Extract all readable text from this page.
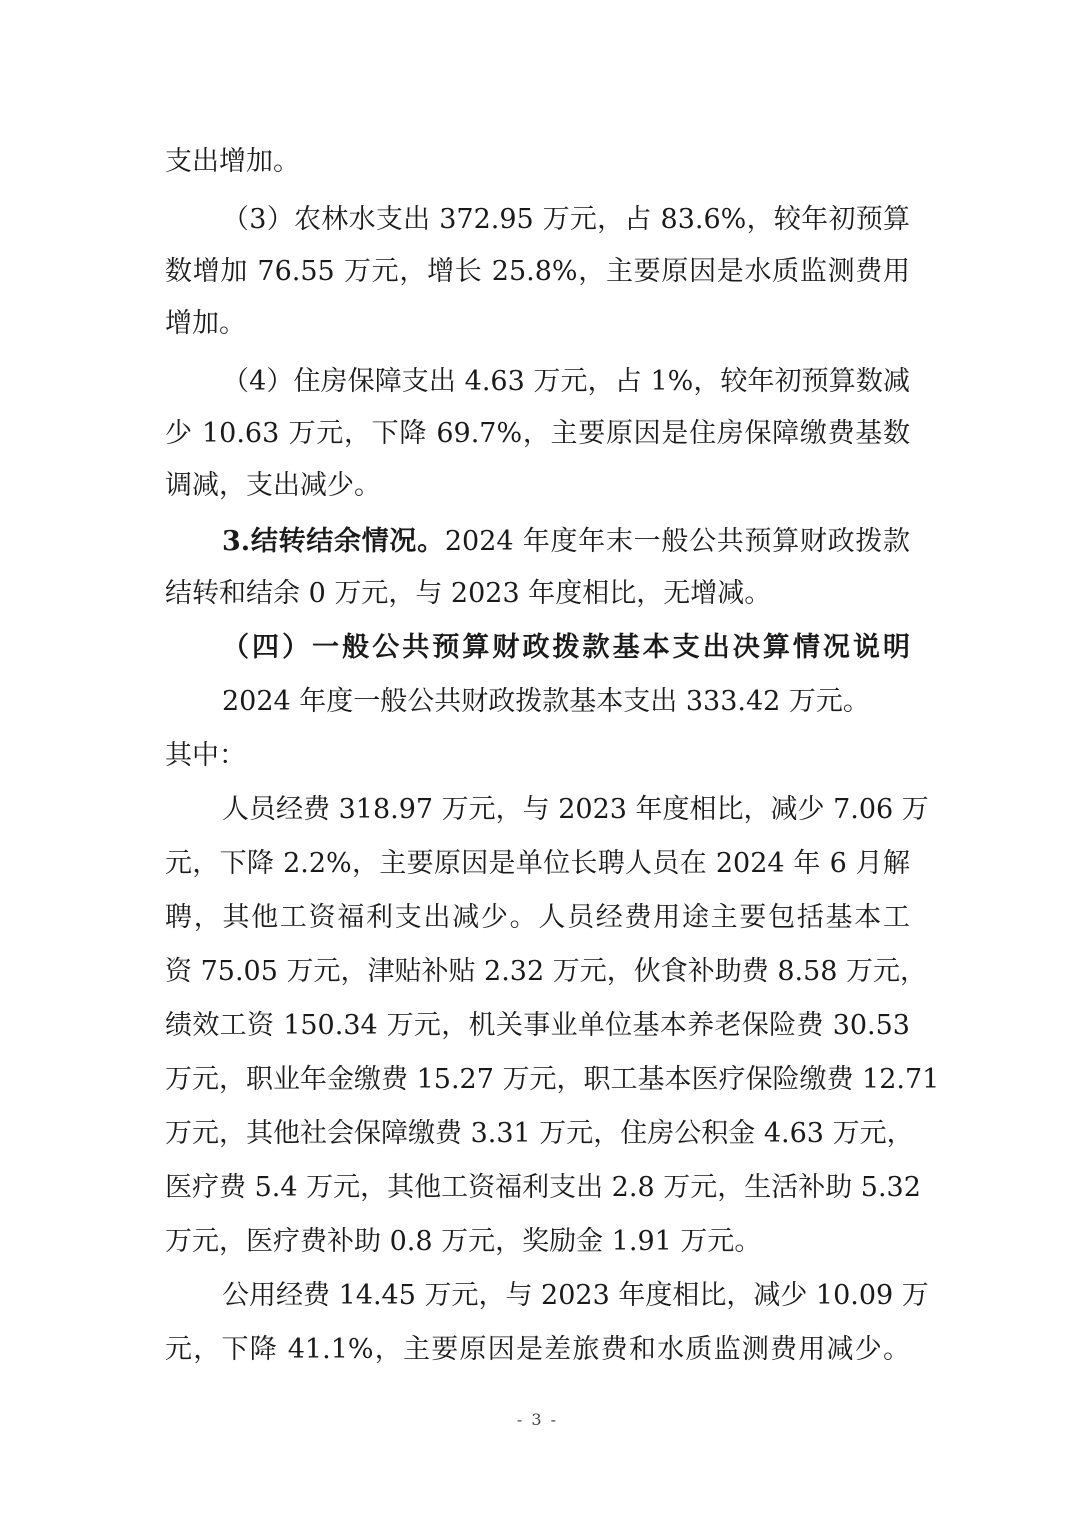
支出增加。
（3）农林水支出 372.95 万元，占 83.6%，较年初预算
数增加 76.55 万元，增长 25.8%，主要原因是水质监测费用
增加。
（4）住房保障支出 4.63 万元，占 1%，较年初预算数减
少 10.63 万元，下降 69.7%，主要原因是住房保障缴费基数
调减，支出减少。
3.结转结余情况。2024 年度年末一般公共预算财政拨款
结转和结余 0 万元，与 2023 年度相比，无增减。
（四）一般公共预算财政拨款基本支出决算情况说明
2024 年度一般公共财政拨款基本支出 333.42 万元。
其中：
人员经费 318.97 万元，与 2023 年度相比，减少 7.06 万
元，下降 2.2%，主要原因是单位长聘人员在 2024 年 6 月解
聘，其他工资福利支出减少。人员经费用途主要包括基本工
资 75.05 万元，津贴补贴 2.32 万元，伙食补助费 8.58 万元，
绩效工资 150.34 万元，机关事业单位基本养老保险费 30.53
万元，职业年金缴费 15.27 万元，职工基本医疗保险缴费 12.71
万元，其他社会保障缴费 3.31 万元，住房公积金 4.63 万元，
医疗费 5.4 万元，其他工资福利支出 2.8 万元，生活补助 5.32
万元，医疗费补助 0.8 万元，奖励金 1.91 万元。
公用经费 14.45 万元，与 2023 年度相比，减少 10.09 万
元，下降 41.1%，主要原因是差旅费和水质监测费用减少。
- 3 -
